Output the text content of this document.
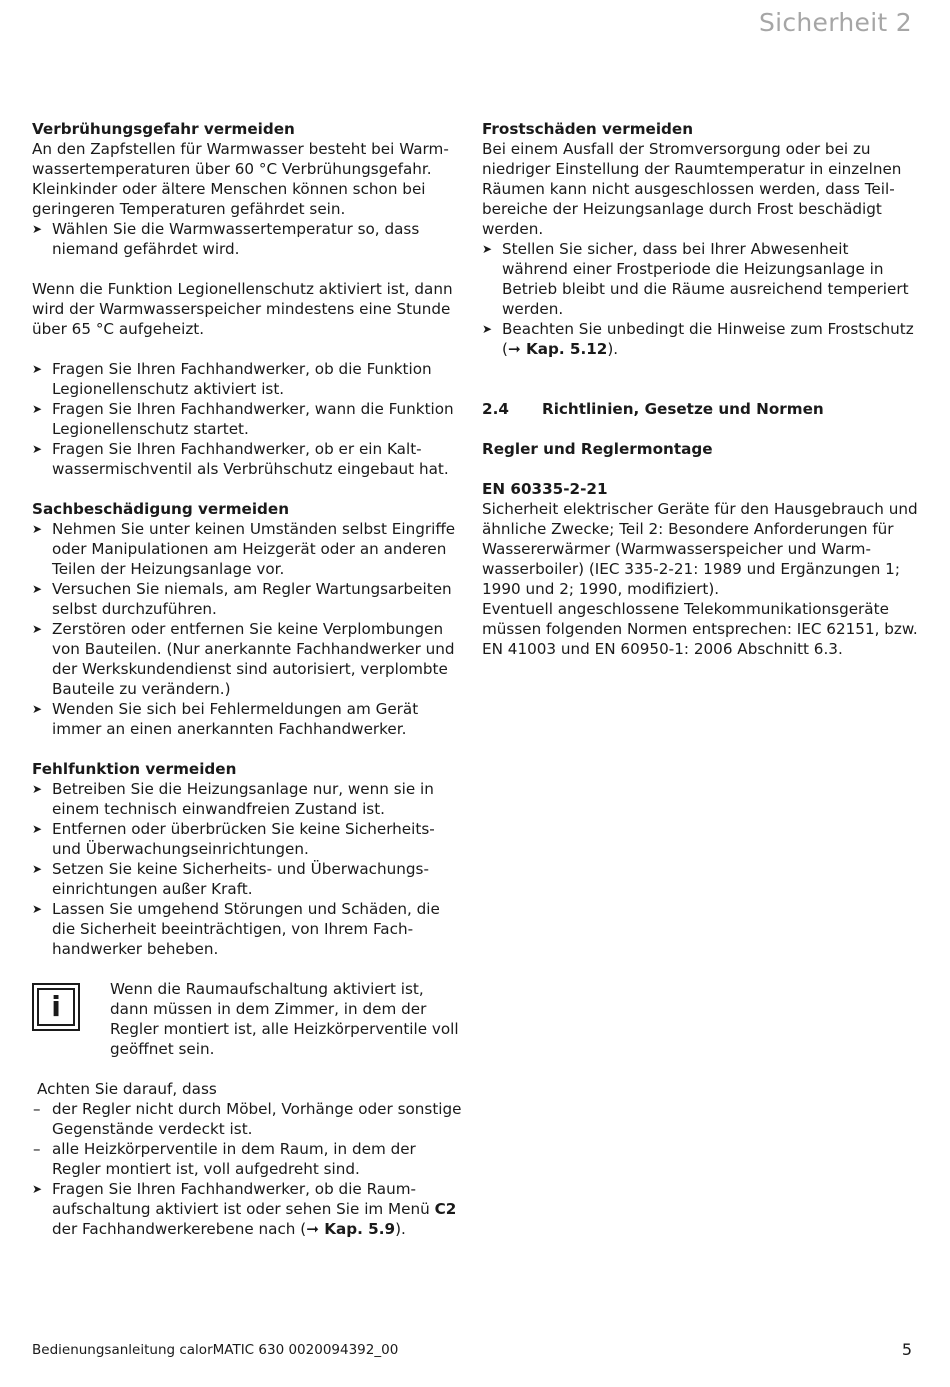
Sicherheit 2

Verbrühungsgefahr vermeiden

An den Zapfstellen für Warmwasser besteht bei Warm-wassertemperaturen über 60 °C Verbrühungsgefahr. Kleinkinder oder ältere Menschen können schon bei geringeren Temperaturen gefährdet sein.

➤ Wählen Sie die Warmwassertemperatur so, dass niemand gefährdet wird.

Wenn die Funktion Legionellenschutz aktiviert ist, dann wird der Warmwasserspeicher mindestens eine Stunde über 65 °C aufgeheizt.

➤ Fragen Sie Ihren Fachhandwerker, ob die Funktion Legionellenschutz aktiviert ist.
➤ Fragen Sie Ihren Fachhandwerker, wann die Funktion Legionellenschutz startet.
➤ Fragen Sie Ihren Fachhandwerker, ob er ein Kalt-wassermischventil als Verbrühschutz eingebaut hat.

Sachbeschädigung vermeiden

➤ Nehmen Sie unter keinen Umständen selbst Eingriffe oder Manipulationen am Heizgerät oder an anderen Teilen der Heizungsanlage vor.
➤ Versuchen Sie niemals, am Regler Wartungsarbeiten selbst durchzuführen.
➤ Zerstören oder entfernen Sie keine Verplombungen von Bauteilen. (Nur anerkannte Fachhandwerker und der Werkskundendienst sind autorisiert, verplombte Bauteile zu verändern.)
➤ Wenden Sie sich bei Fehlermeldungen am Gerät immer an einen anerkannten Fachhandwerker.

Fehlfunktion vermeiden

➤ Betreiben Sie die Heizungsanlage nur, wenn sie in einem technisch einwandfreien Zustand ist.
➤ Entfernen oder überbrücken Sie keine Sicherheits- und Überwachungseinrichtungen.
➤ Setzen Sie keine Sicherheits- und Überwachungs-einrichtungen außer Kraft.
➤ Lassen Sie umgehend Störungen und Schäden, die die Sicherheit beeinträchtigen, von Ihrem Fach-handwerker beheben.
i
Wenn die Raumaufschaltung aktiviert ist, dann müssen in dem Zimmer, in dem der Regler montiert ist, alle Heizkörperventile voll geöffnet sein.

Achten Sie darauf, dass

– der Regler nicht durch Möbel, Vorhänge oder sonstige Gegenstände verdeckt ist.
– alle Heizkörperventile in dem Raum, in dem der Regler montiert ist, voll aufgedreht sind.
➤ Fragen Sie Ihren Fachhandwerker, ob die Raum-aufschaltung aktiviert ist oder sehen Sie im Menü C2 der Fachhandwerkerebene nach (➞ Kap. 5.9).

Frostschäden vermeiden

Bei einem Ausfall der Stromversorgung oder bei zu niedriger Einstellung der Raumtemperatur in einzelnen Räumen kann nicht ausgeschlossen werden, dass Teil-bereiche der Heizungsanlage durch Frost beschädigt werden.

➤ Stellen Sie sicher, dass bei Ihrer Abwesenheit während einer Frostperiode die Heizungsanlage in Betrieb bleibt und die Räume ausreichend temperiert werden.
➤ Beachten Sie unbedingt die Hinweise zum Frostschutz (➞ Kap. 5.12).

2.4	Richtlinien, Gesetze und Normen

Regler und Reglermontage

EN 60335-2-21

Sicherheit elektrischer Geräte für den Hausgebrauch und ähnliche Zwecke; Teil 2: Besondere Anforderungen für Wassererwärmer (Warmwasserspeicher und Warm-wasserboiler) (IEC 335-2-21: 1989 und Ergänzungen 1; 1990 und 2; 1990, modifiziert).

Eventuell angeschlossene Telekommunikationsgeräte müssen folgenden Normen entsprechen: IEC 62151, bzw. EN 41003 und EN 60950-1: 2006 Abschnitt 6.3.

Bedienungsanleitung calorMATIC 630 0020094392_00	5
